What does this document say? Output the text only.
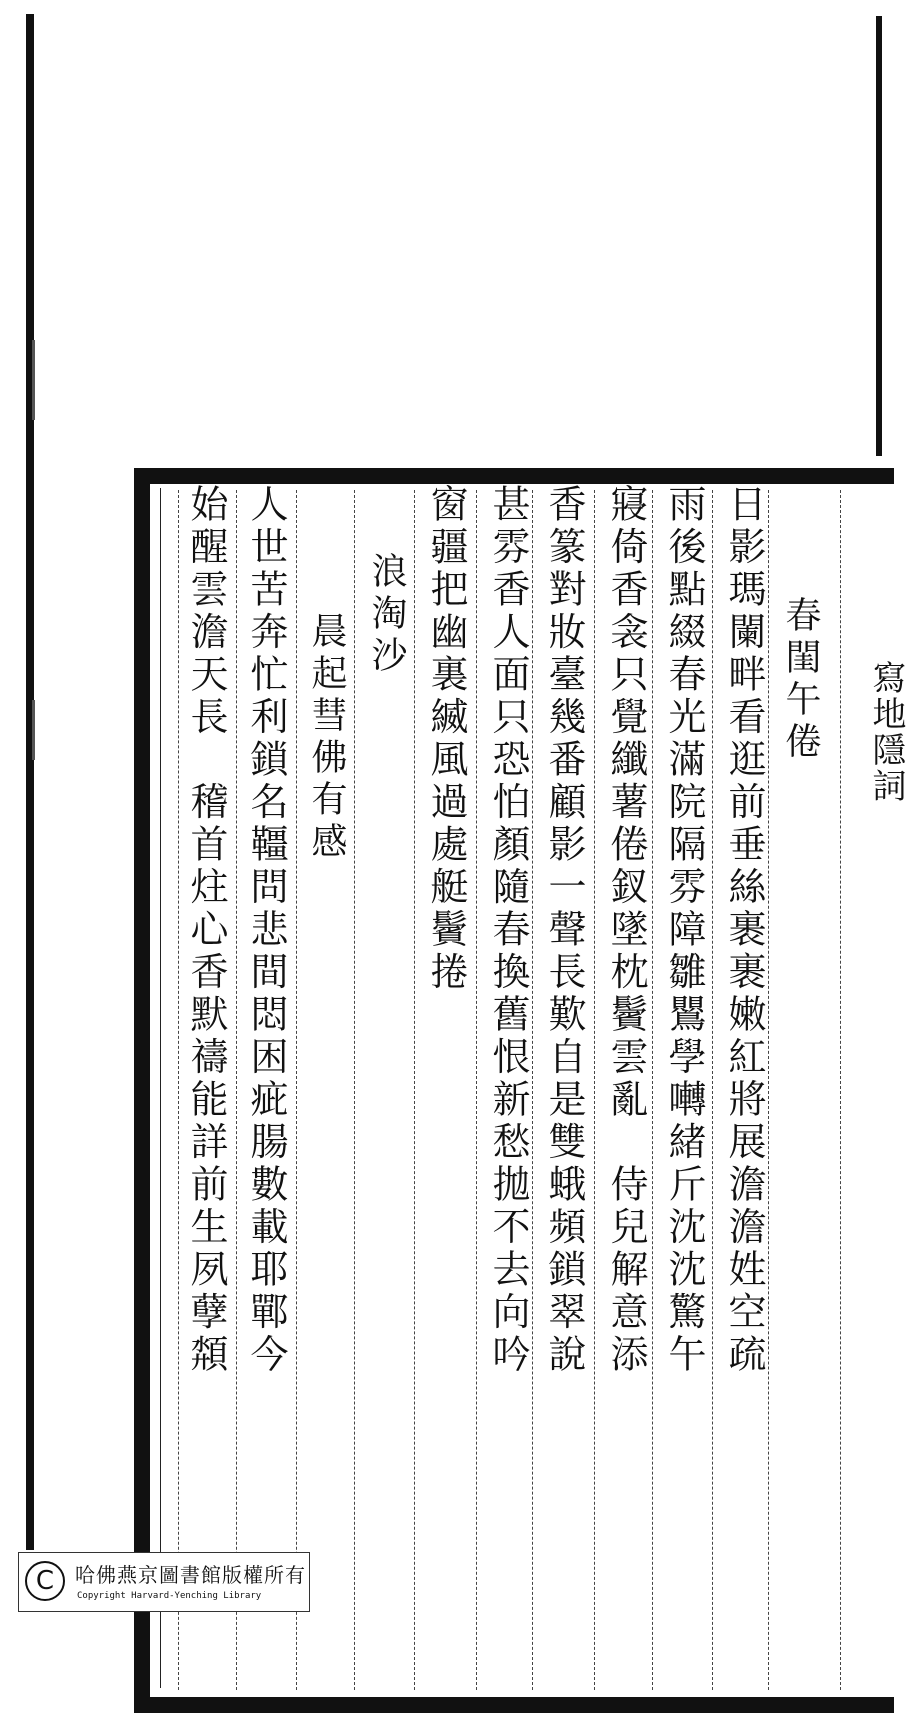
寫地隱詞
春閨午倦
日影瑪闌畔看逛前垂絲裹裹嫩紅將展澹澹姓空疏
雨後點綴春光滿院隔雰障雛鸎學囀緒斤沈沈驚午
寢倚香衾只覺纖薯倦釵墜枕鬢雲亂　侍兒解意添
香篆對妝臺幾番顧影一聲長歎自是雙蛾頻鎖翠說
甚雰香人面只恐怕顏隨春換舊恨新愁拋不去向吟
窗疆把幽裏縅風過處艇鬢捲
浪淘沙
晨起彗佛有感
人世苦奔忙利鎖名韁問悲間悶困疵腸數載耶鄲今
始醒雲澹天長　稽首炷心香默禱能詳前生夙孽頮
C	哈佛燕京圖書館版權所有
Copyright Harvard-Yenching Library
